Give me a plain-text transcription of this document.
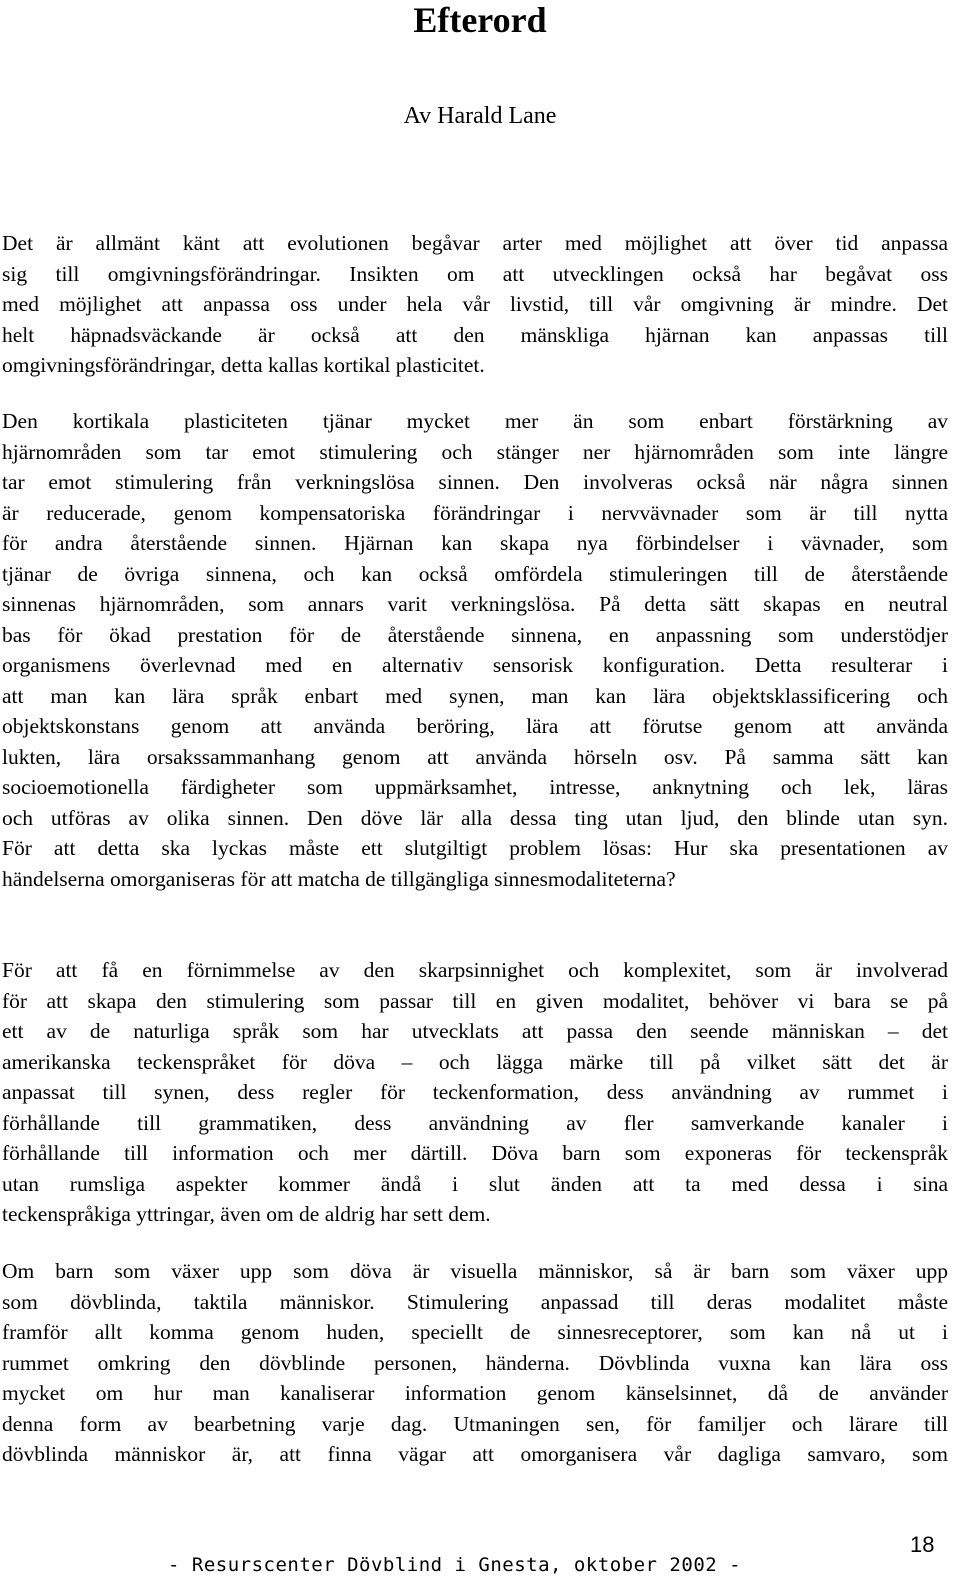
Efterord
Av Harald Lane
Det är allmänt känt att evolutionen begåvar arter med möjlighet att över tid anpassa
sig till omgivningsförändringar. Insikten om att utvecklingen också har begåvat oss
med möjlighet att anpassa oss under hela vår livstid, till vår omgivning är mindre. Det
helt häpnadsväckande är också att den mänskliga hjärnan kan anpassas till
omgivningsförändringar, detta kallas kortikal plasticitet.
Den kortikala plasticiteten tjänar mycket mer än som enbart förstärkning av
hjärnområden som tar emot stimulering och stänger ner hjärnområden som inte längre
tar emot stimulering från verkningslösa sinnen. Den involveras också när några sinnen
är reducerade, genom kompensatoriska förändringar i nervvävnader som är till nytta
för andra återstående sinnen. Hjärnan kan skapa nya förbindelser i vävnader, som
tjänar de övriga sinnena, och kan också omfördela stimuleringen till de återstående
sinnenas hjärnområden, som annars varit verkningslösa. På detta sätt skapas en neutral
bas för ökad prestation för de återstående sinnena, en anpassning som understödjer
organismens överlevnad med en alternativ sensorisk konfiguration. Detta resulterar i
att man kan lära språk enbart med synen, man kan lära objektsklassificering och
objektskonstans genom att använda beröring, lära att förutse genom att använda
lukten, lära orsakssammanhang genom att använda hörseln osv. På samma sätt kan
socioemotionella färdigheter som uppmärksamhet, intresse, anknytning och lek, läras
och utföras av olika sinnen. Den döve lär alla dessa ting utan ljud, den blinde utan syn.
För att detta ska lyckas måste ett slutgiltigt problem lösas: Hur ska presentationen av
händelserna omorganiseras för att matcha de tillgängliga sinnesmodaliteterna?
För att få en förnimmelse av den skarpsinnighet och komplexitet, som är involverad
för att skapa den stimulering som passar till en given modalitet, behöver vi bara se på
ett av de naturliga språk som har utvecklats att passa den seende människan – det
amerikanska teckenspråket för döva – och lägga märke till på vilket sätt det är
anpassat till synen, dess regler för teckenformation, dess användning av rummet i
förhållande till grammatiken, dess användning av fler samverkande kanaler i
förhållande till information och mer därtill. Döva barn som exponeras för teckenspråk
utan rumsliga aspekter kommer ändå i slut änden att ta med dessa i sina
teckenspråkiga yttringar, även om de aldrig har sett dem.
Om barn som växer upp som döva är visuella människor, så är barn som växer upp
som dövblinda, taktila människor. Stimulering anpassad till deras modalitet måste
framför allt komma genom huden, speciellt de sinnesreceptorer, som kan nå ut i
rummet omkring den dövblinde personen, händerna. Dövblinda vuxna kan lära oss
mycket om hur man kanaliserar information genom känselsinnet, då de använder
denna form av bearbetning varje dag. Utmaningen sen, för familjer och lärare till
dövblinda människor är, att finna vägar att omorganisera vår dagliga samvaro, som
- Resurscenter Dövblind i Gnesta, oktober 2002 -
18
